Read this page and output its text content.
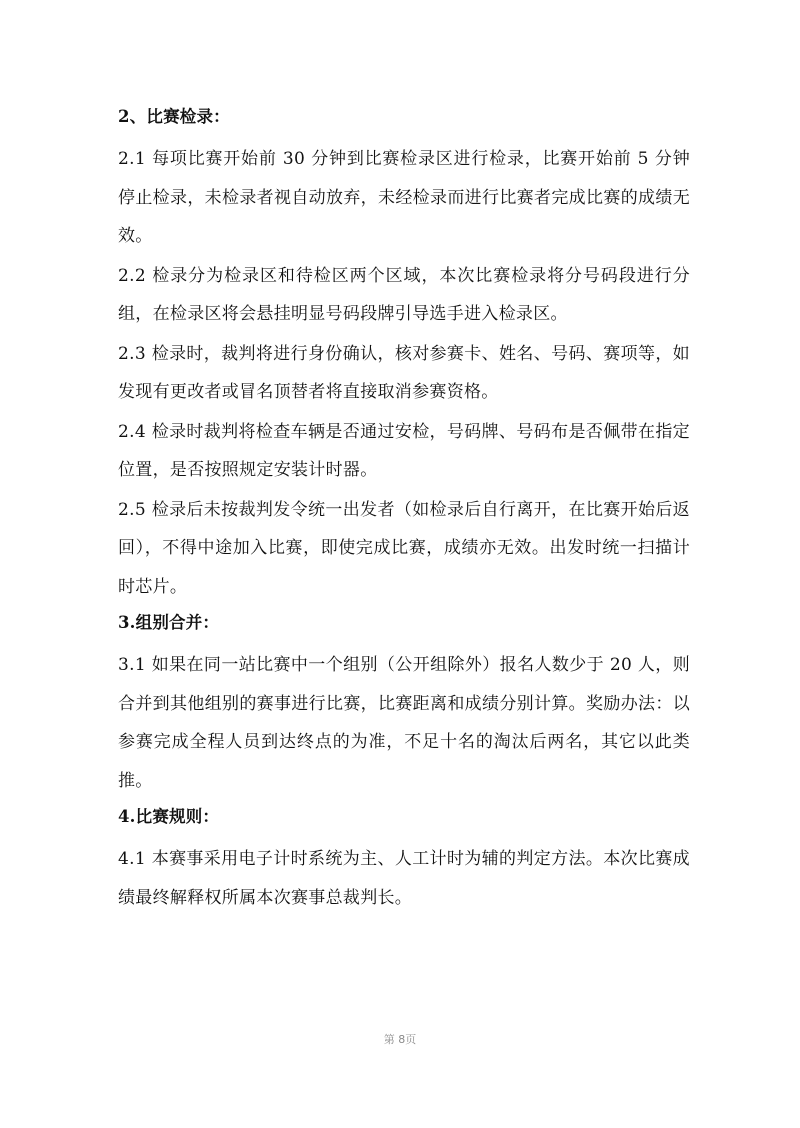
2、比赛检录：

2.1 每项比赛开始前 30 分钟到比赛检录区进行检录，比赛开始前 5 分钟停止检录，未检录者视自动放弃，未经检录而进行比赛者完成比赛的成绩无效。

2.2 检录分为检录区和待检区两个区域，本次比赛检录将分号码段进行分组，在检录区将会悬挂明显号码段牌引导选手进入检录区。

2.3 检录时，裁判将进行身份确认，核对参赛卡、姓名、号码、赛项等，如发现有更改者或冒名顶替者将直接取消参赛资格。

2.4 检录时裁判将检查车辆是否通过安检，号码牌、号码布是否佩带在指定位置，是否按照规定安装计时器。

2.5 检录后未按裁判发令统一出发者（如检录后自行离开，在比赛开始后返回），不得中途加入比赛，即使完成比赛，成绩亦无效。出发时统一扫描计时芯片。

3.组别合并：

3.1 如果在同一站比赛中一个组别（公开组除外）报名人数少于 20 人，则合并到其他组别的赛事进行比赛，比赛距离和成绩分别计算。奖励办法：以参赛完成全程人员到达终点的为准，不足十名的淘汰后两名，其它以此类推。

4.比赛规则：

4.1 本赛事采用电子计时系统为主、人工计时为辅的判定方法。本次比赛成绩最终解释权所属本次赛事总裁判长。

第 8页
